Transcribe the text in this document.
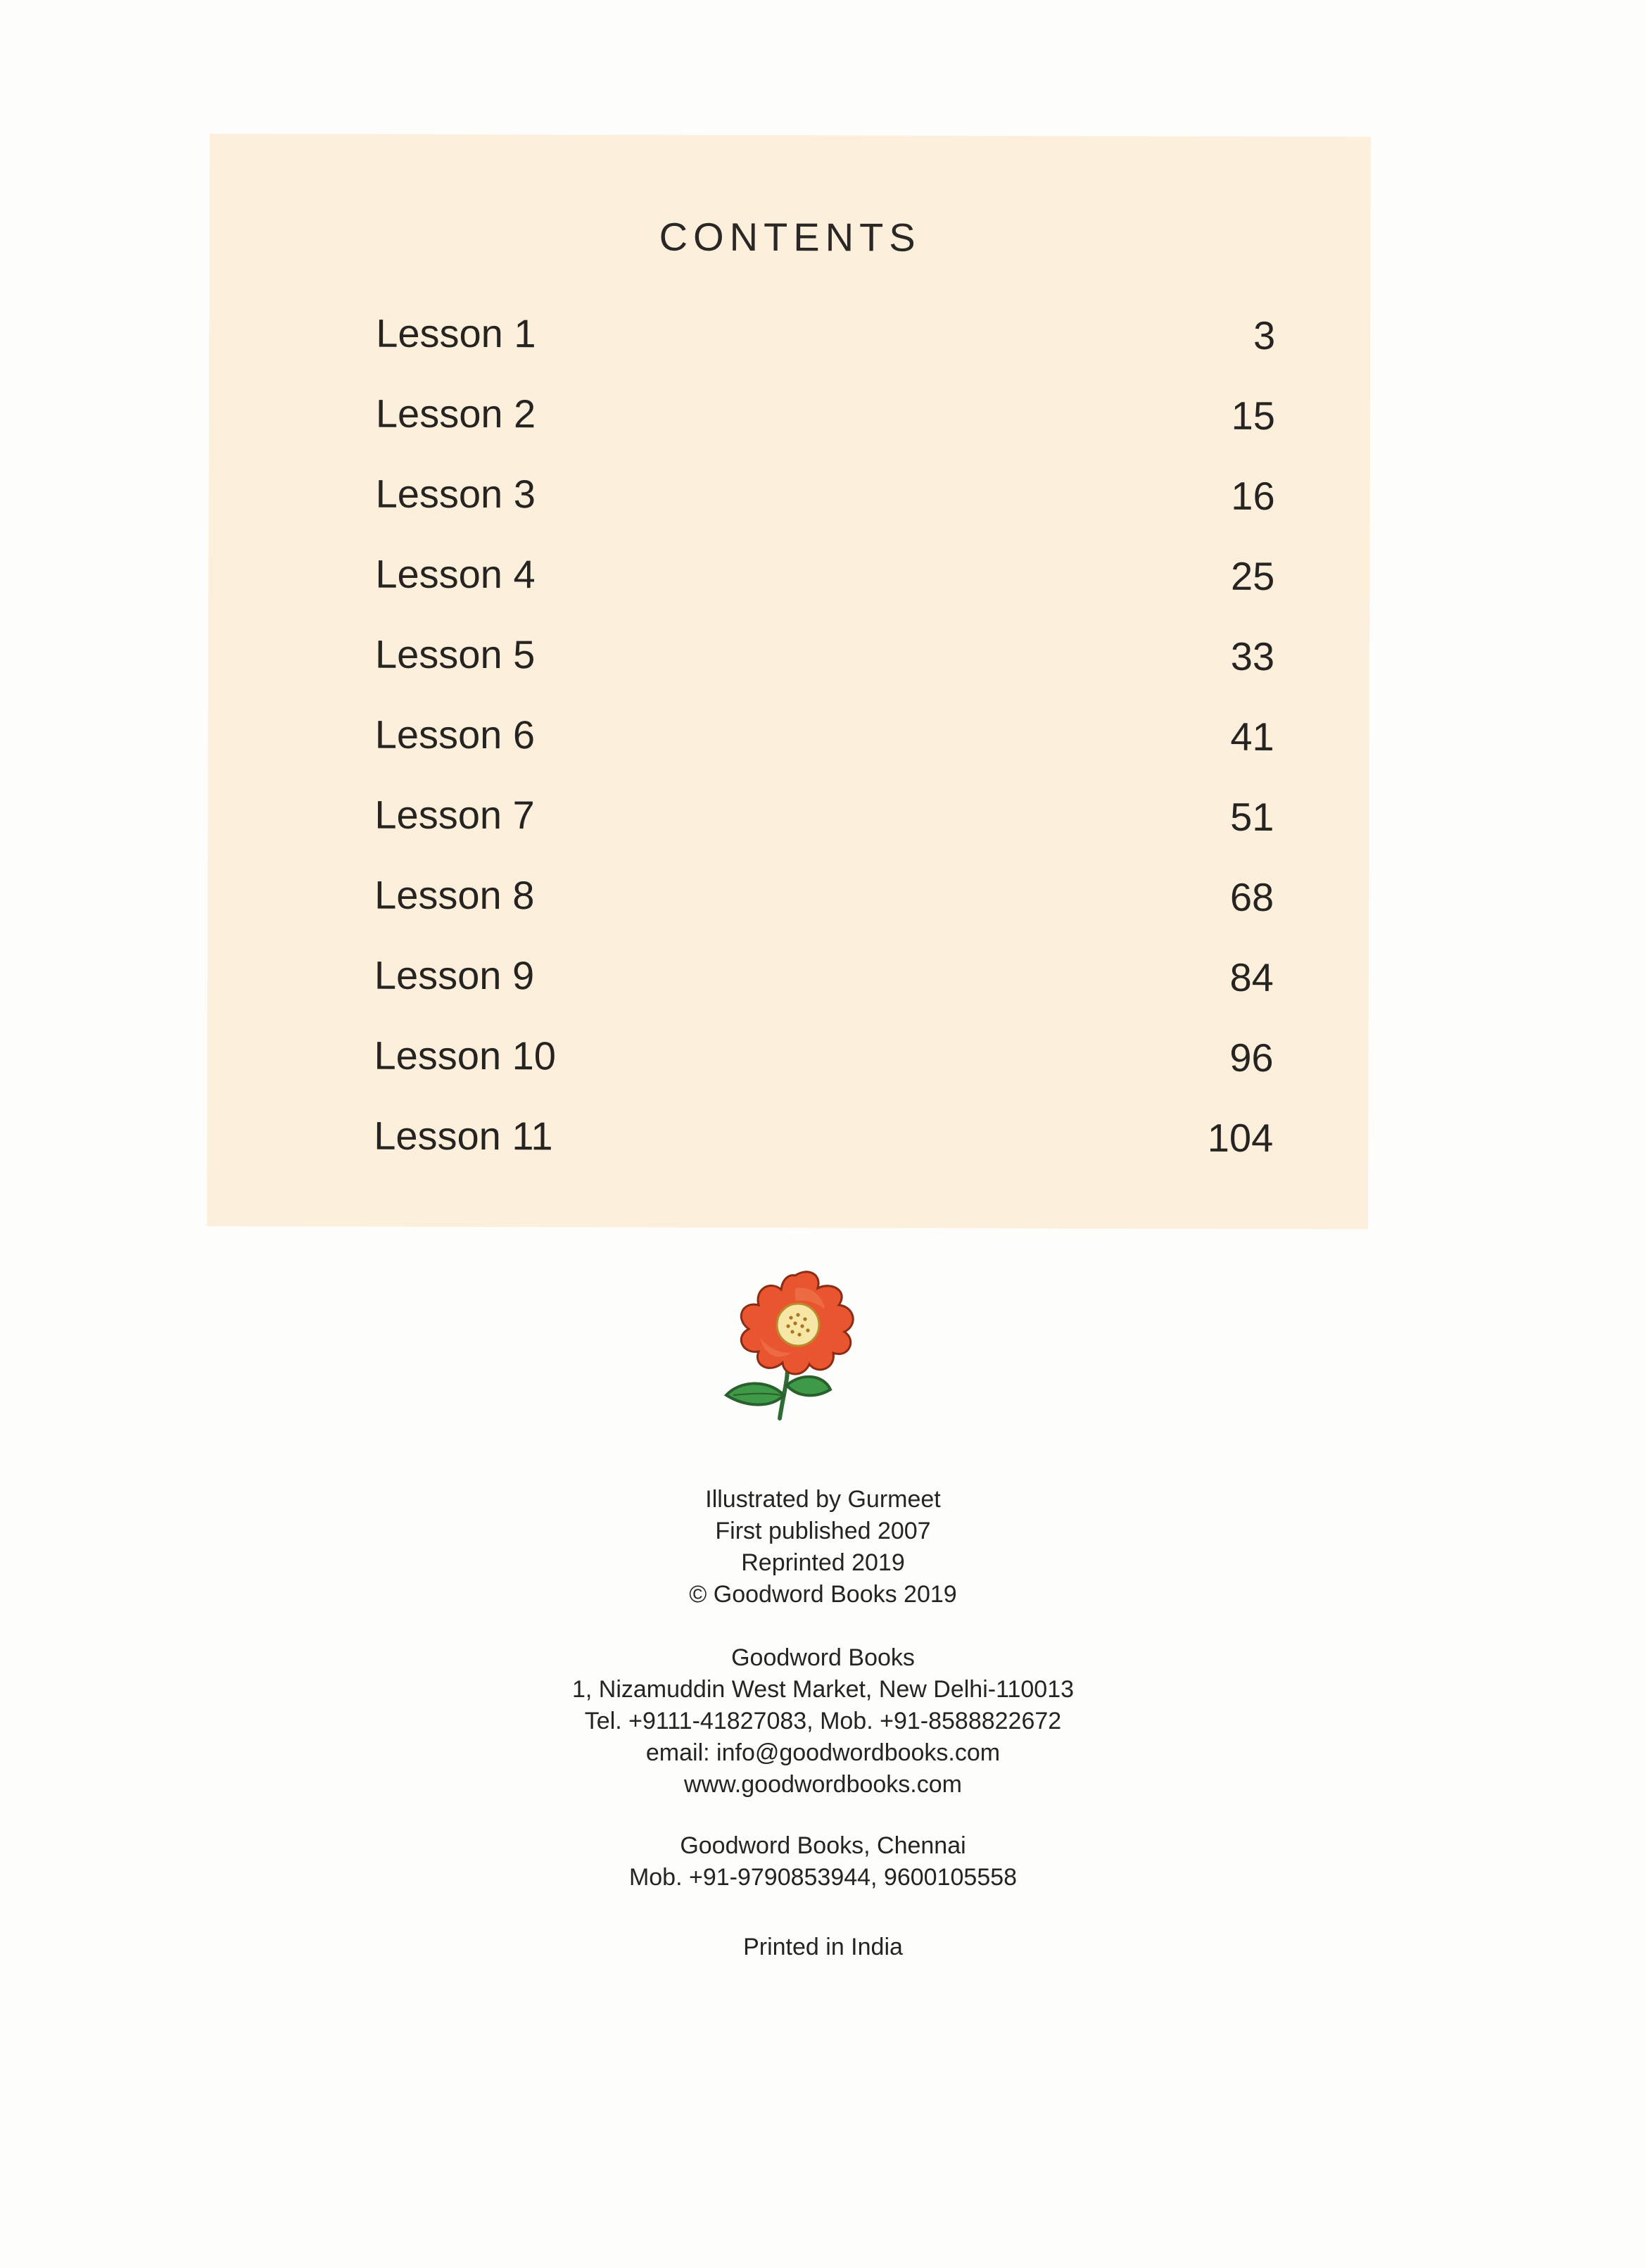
CONTENTS
Lesson 1	3
Lesson 2	15
Lesson 3	16
Lesson 4	25
Lesson 5	33
Lesson 6	41
Lesson 7	51
Lesson 8	68
Lesson 9	84
Lesson 10	96
Lesson 11	104

Illustrated by Gurmeet

First published 2007

Reprinted 2019

© Goodword Books 2019

Goodword Books

1, Nizamuddin West Market, New Delhi-110013

Tel. +9111-41827083, Mob. +91-8588822672

email: info@goodwordbooks.com

www.goodwordbooks.com

Goodword Books, Chennai

Mob. +91-9790853944, 9600105558

Printed in India
